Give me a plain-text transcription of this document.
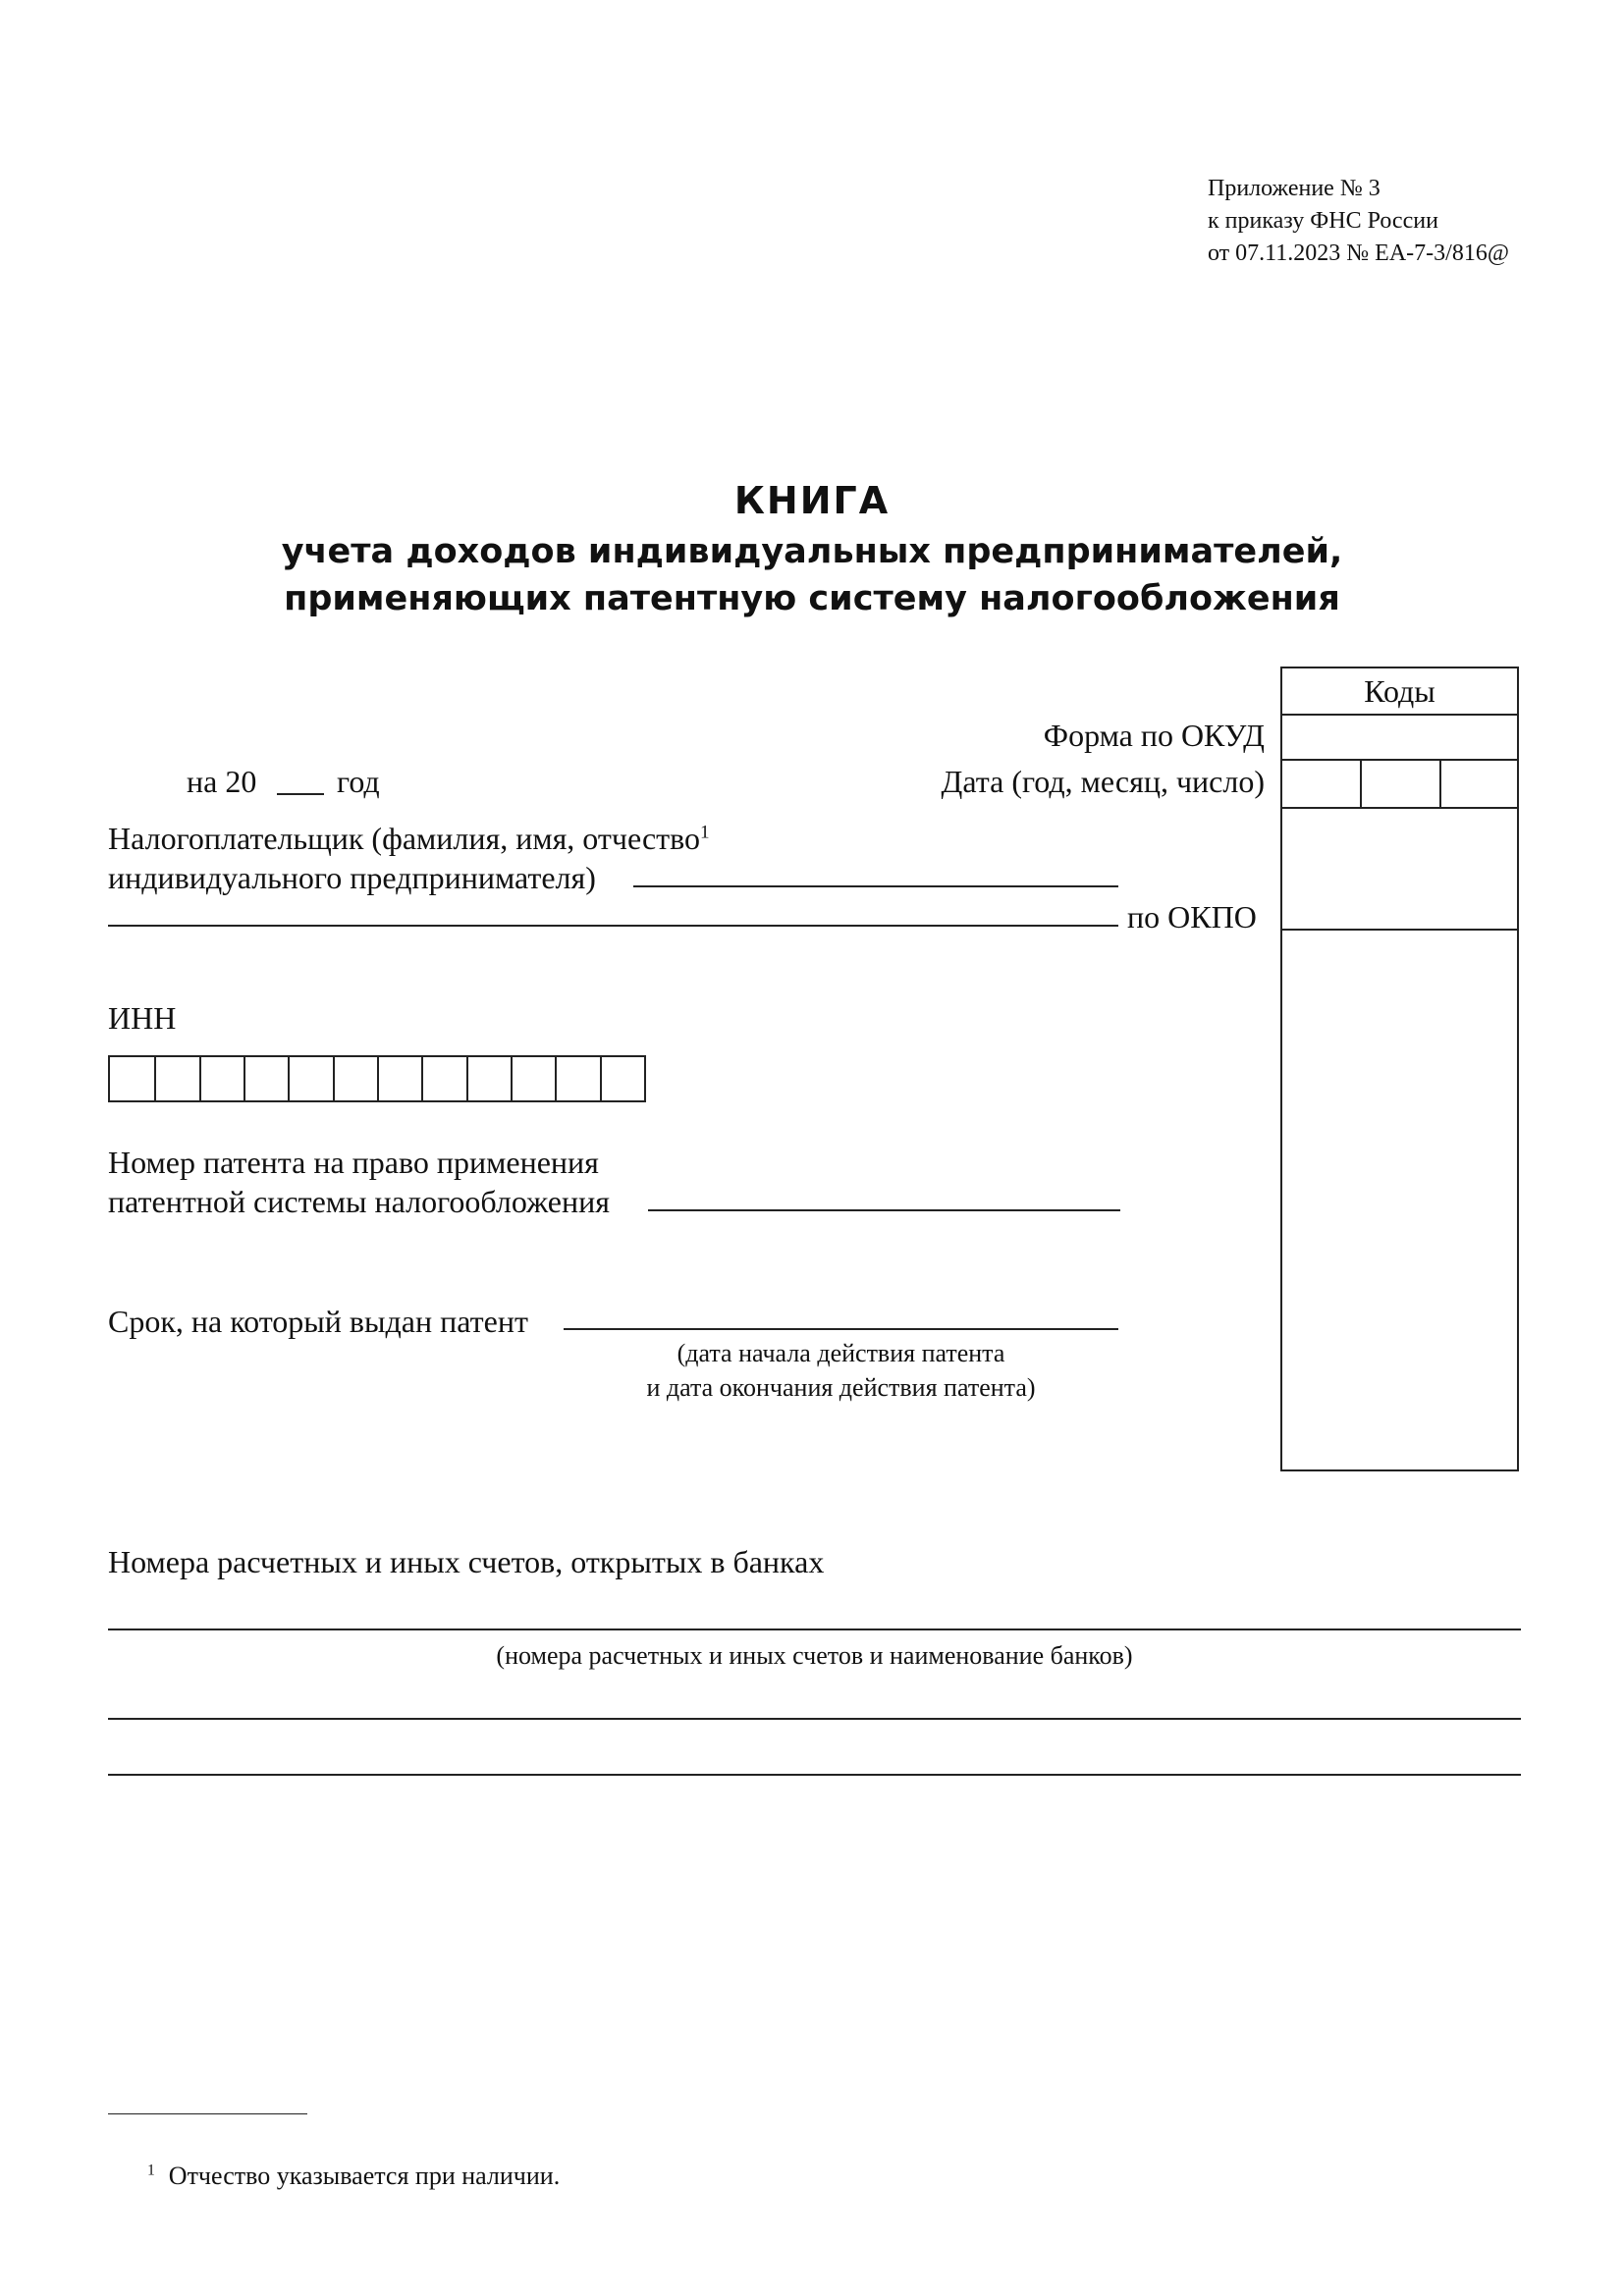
Приложение № 3
к приказу ФНС России
от 07.11.2023 № ЕА-7-3/816@
КНИГА
учета доходов индивидуальных предпринимателей,
применяющих патентную систему налогообложения
Коды
Форма по ОКУД
Дата (год, месяц, число)
на 20	год
Налогоплательщик (фамилия, имя, отчество$^1$
индивидуального предпринимателя)
по ОКПО
ИНН
Номер патента на право применения
патентной системы налогообложения
Срок, на который выдан патент
(дата начала действия патента
и дата окончания действия патента)
Номера расчетных и иных счетов, открытых в банках
(номера расчетных и иных счетов и наименование банков)
$^1$ Отчество указывается при наличии.
